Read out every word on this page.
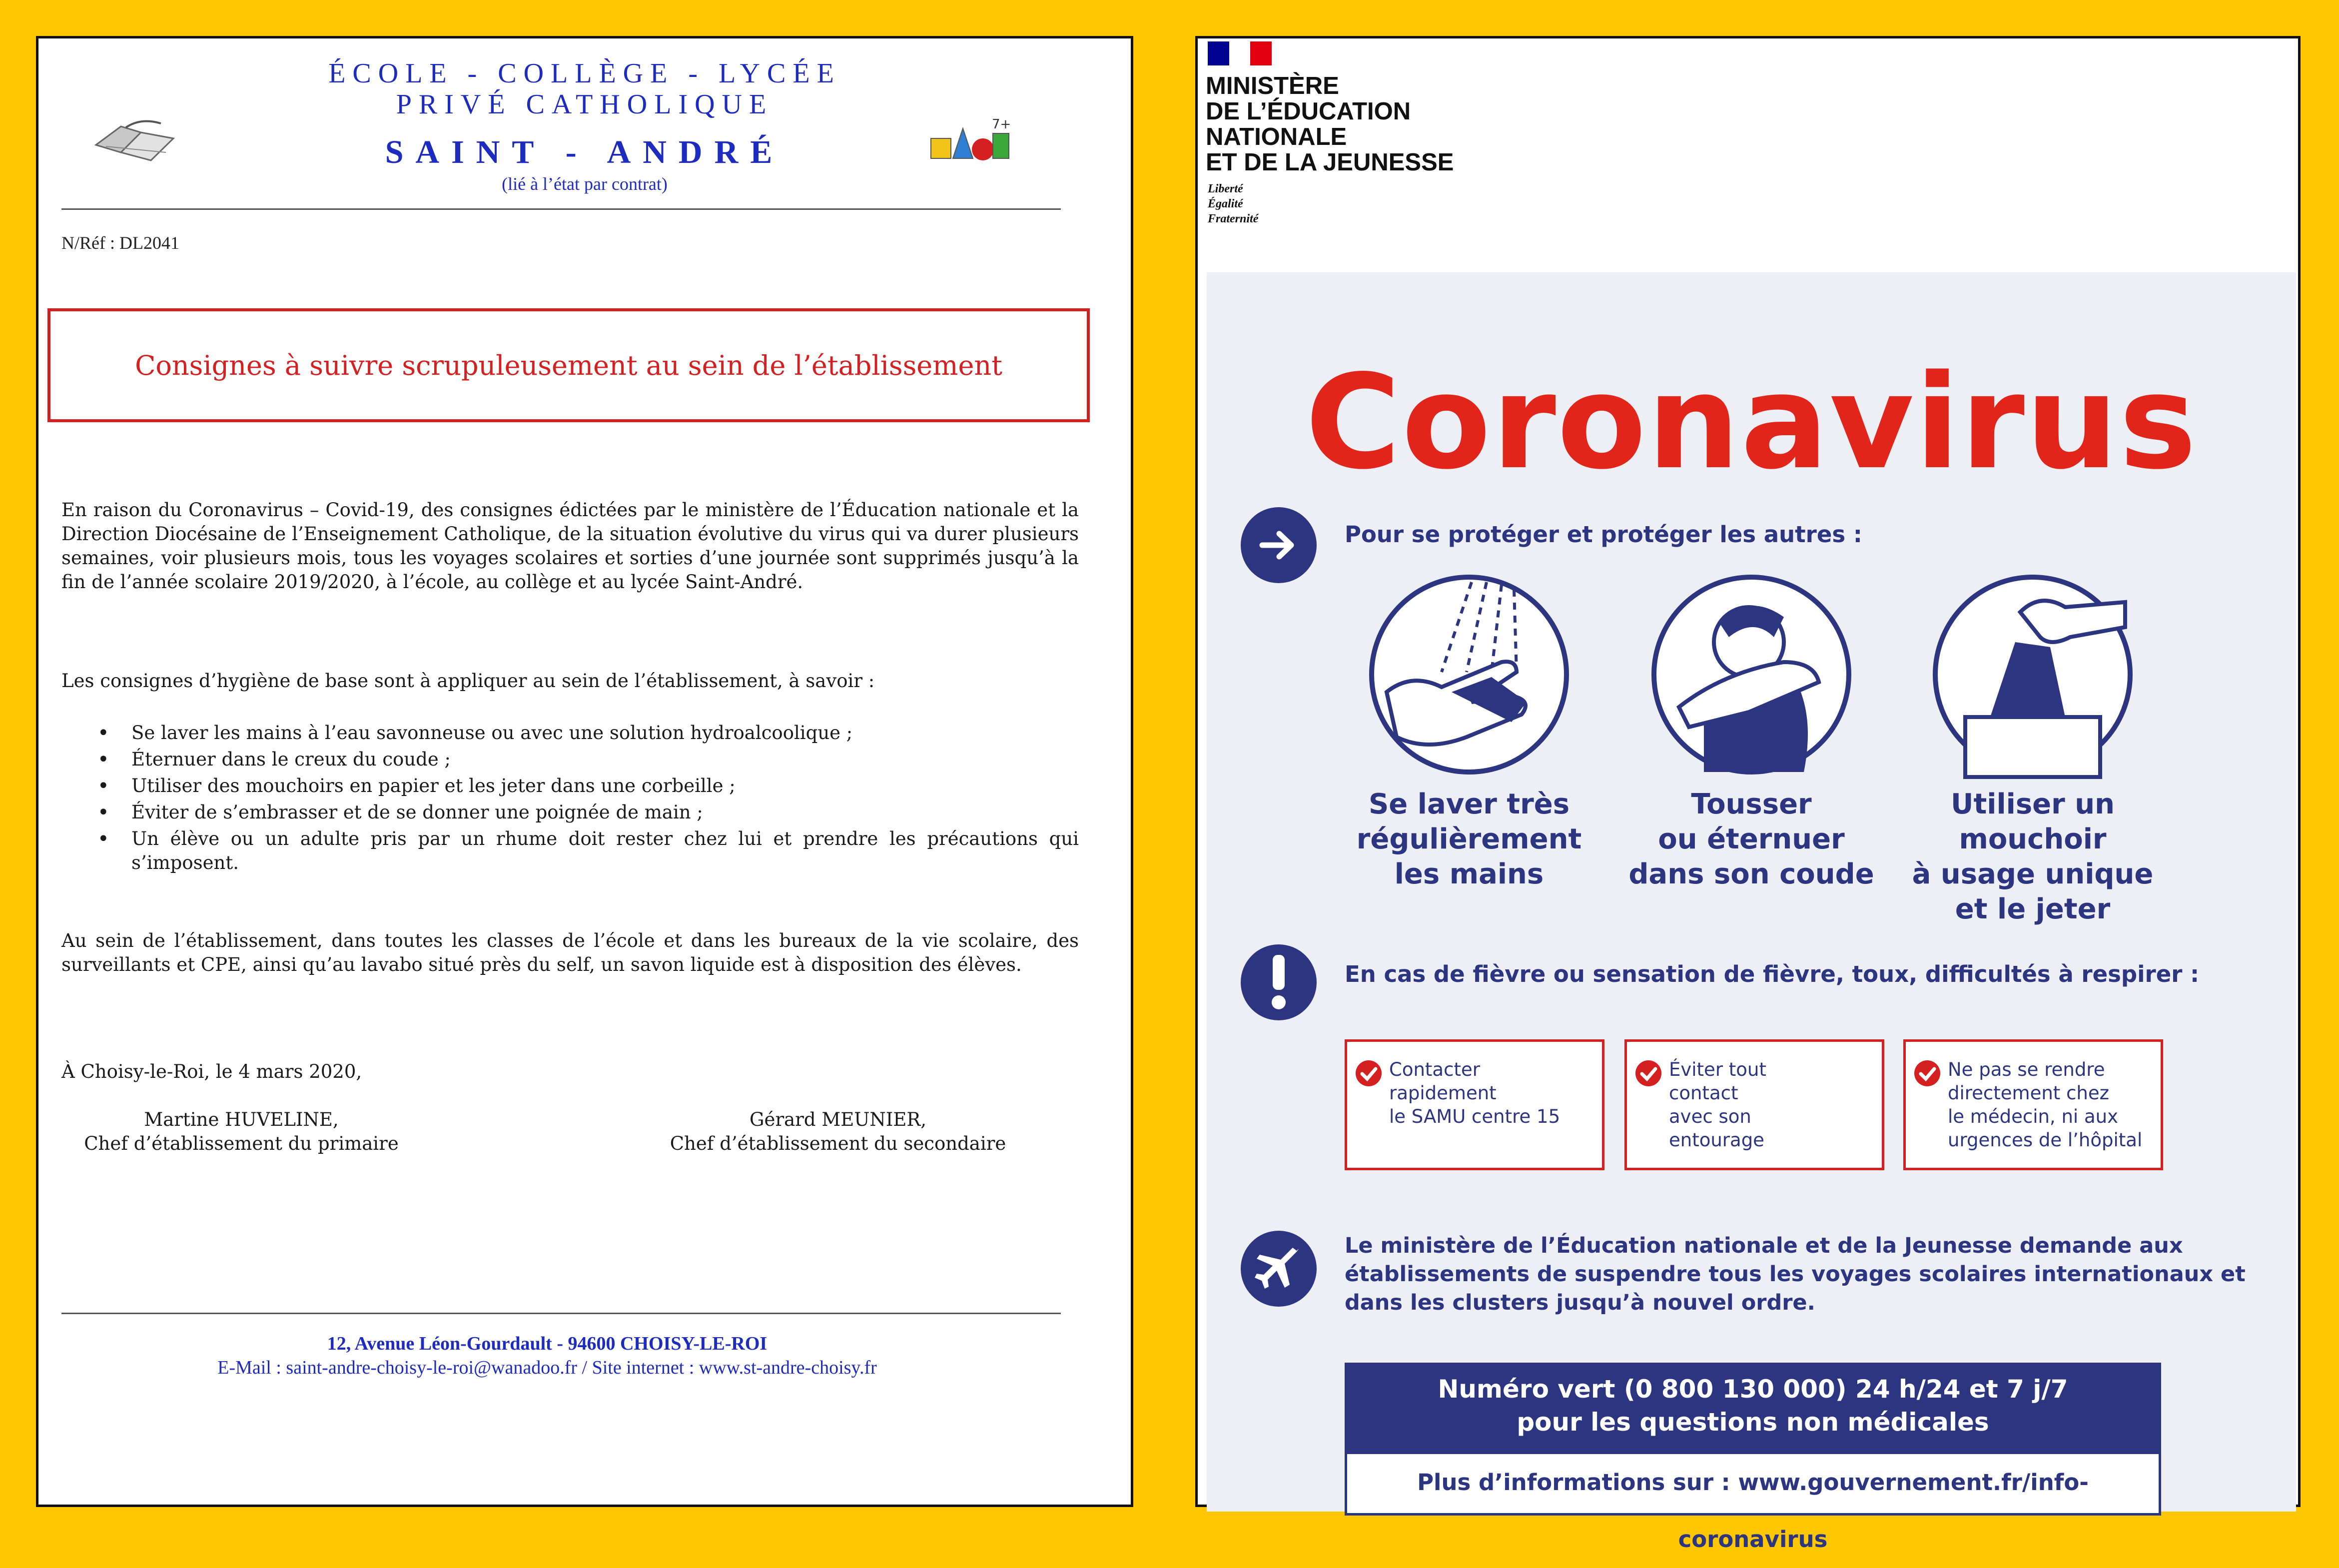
ÉCOLE - COLLÈGE - LYCÉE
PRIVÉ CATHOLIQUE
SAINT - ANDRÉ
(lié à l’état par contrat)
7+
N/Réf : DL2041
Consignes à suivre scrupuleusement au sein de l’établissement

En raison du Coronavirus – Covid-19, des consignes édictées par le ministère de l’Éducation nationale et la Direction Diocésaine de l’Enseignement Catholique, de la situation évolutive du virus qui va durer plusieurs semaines, voir plusieurs mois, tous les voyages scolaires et sorties d’une journée sont supprimés jusqu’à la fin de l’année scolaire 2019/2020, à l’école, au collège et au lycée Saint-André.

Les consignes d’hygiène de base sont à appliquer au sein de l’établissement, à savoir :

• Se laver les mains à l’eau savonneuse ou avec une solution hydroalcoolique ;
• Éternuer dans le creux du coude ;
• Utiliser des mouchoirs en papier et les jeter dans une corbeille ;
• Éviter de s’embrasser et de se donner une poignée de main ;
• Un élève ou un adulte pris par un rhume doit rester chez lui et prendre les précautions qui s’imposent.

Au sein de l’établissement, dans toutes les classes de l’école et dans les bureaux de la vie scolaire, des surveillants et CPE, ainsi qu’au lavabo situé près du self, un savon liquide est à disposition des élèves.

À Choisy-le-Roi, le 4 mars 2020,
Martine HUVELINE,
Chef d’établissement du primaire
Gérard MEUNIER,
Chef d’établissement du secondaire
12, Avenue Léon-Gourdault - 94600 CHOISY-LE-ROI
E-Mail : saint-andre-choisy-le-roi@wanadoo.fr / Site internet : www.st-andre-choisy.fr
MINISTÈRE
DE L’ÉDUCATION
NATIONALE
ET DE LA JEUNESSE
Liberté
Égalité
Fraternité
Coronavirus
Pour se protéger et protéger les autres :
Se laver très
régulièrement
les mains
Tousser
ou éternuer
dans son coude
Utiliser un
mouchoir
à usage unique
et le jeter
En cas de fièvre ou sensation de fièvre, toux, difficultés à respirer :
Contacter
rapidement
le SAMU centre 15
Éviter tout
contact
avec son
entourage
Ne pas se rendre
directement chez
le médecin, ni aux
urgences de l’hôpital
Le ministère de l’Éducation nationale et de la Jeunesse demande aux établissements de suspendre tous les voyages scolaires internationaux et dans les clusters jusqu’à nouvel ordre.
Numéro vert (0 800 130 000) 24 h/24 et 7 j/7
pour les questions non médicales
Plus d’informations sur : www.gouvernement.fr/info-coronavirus
